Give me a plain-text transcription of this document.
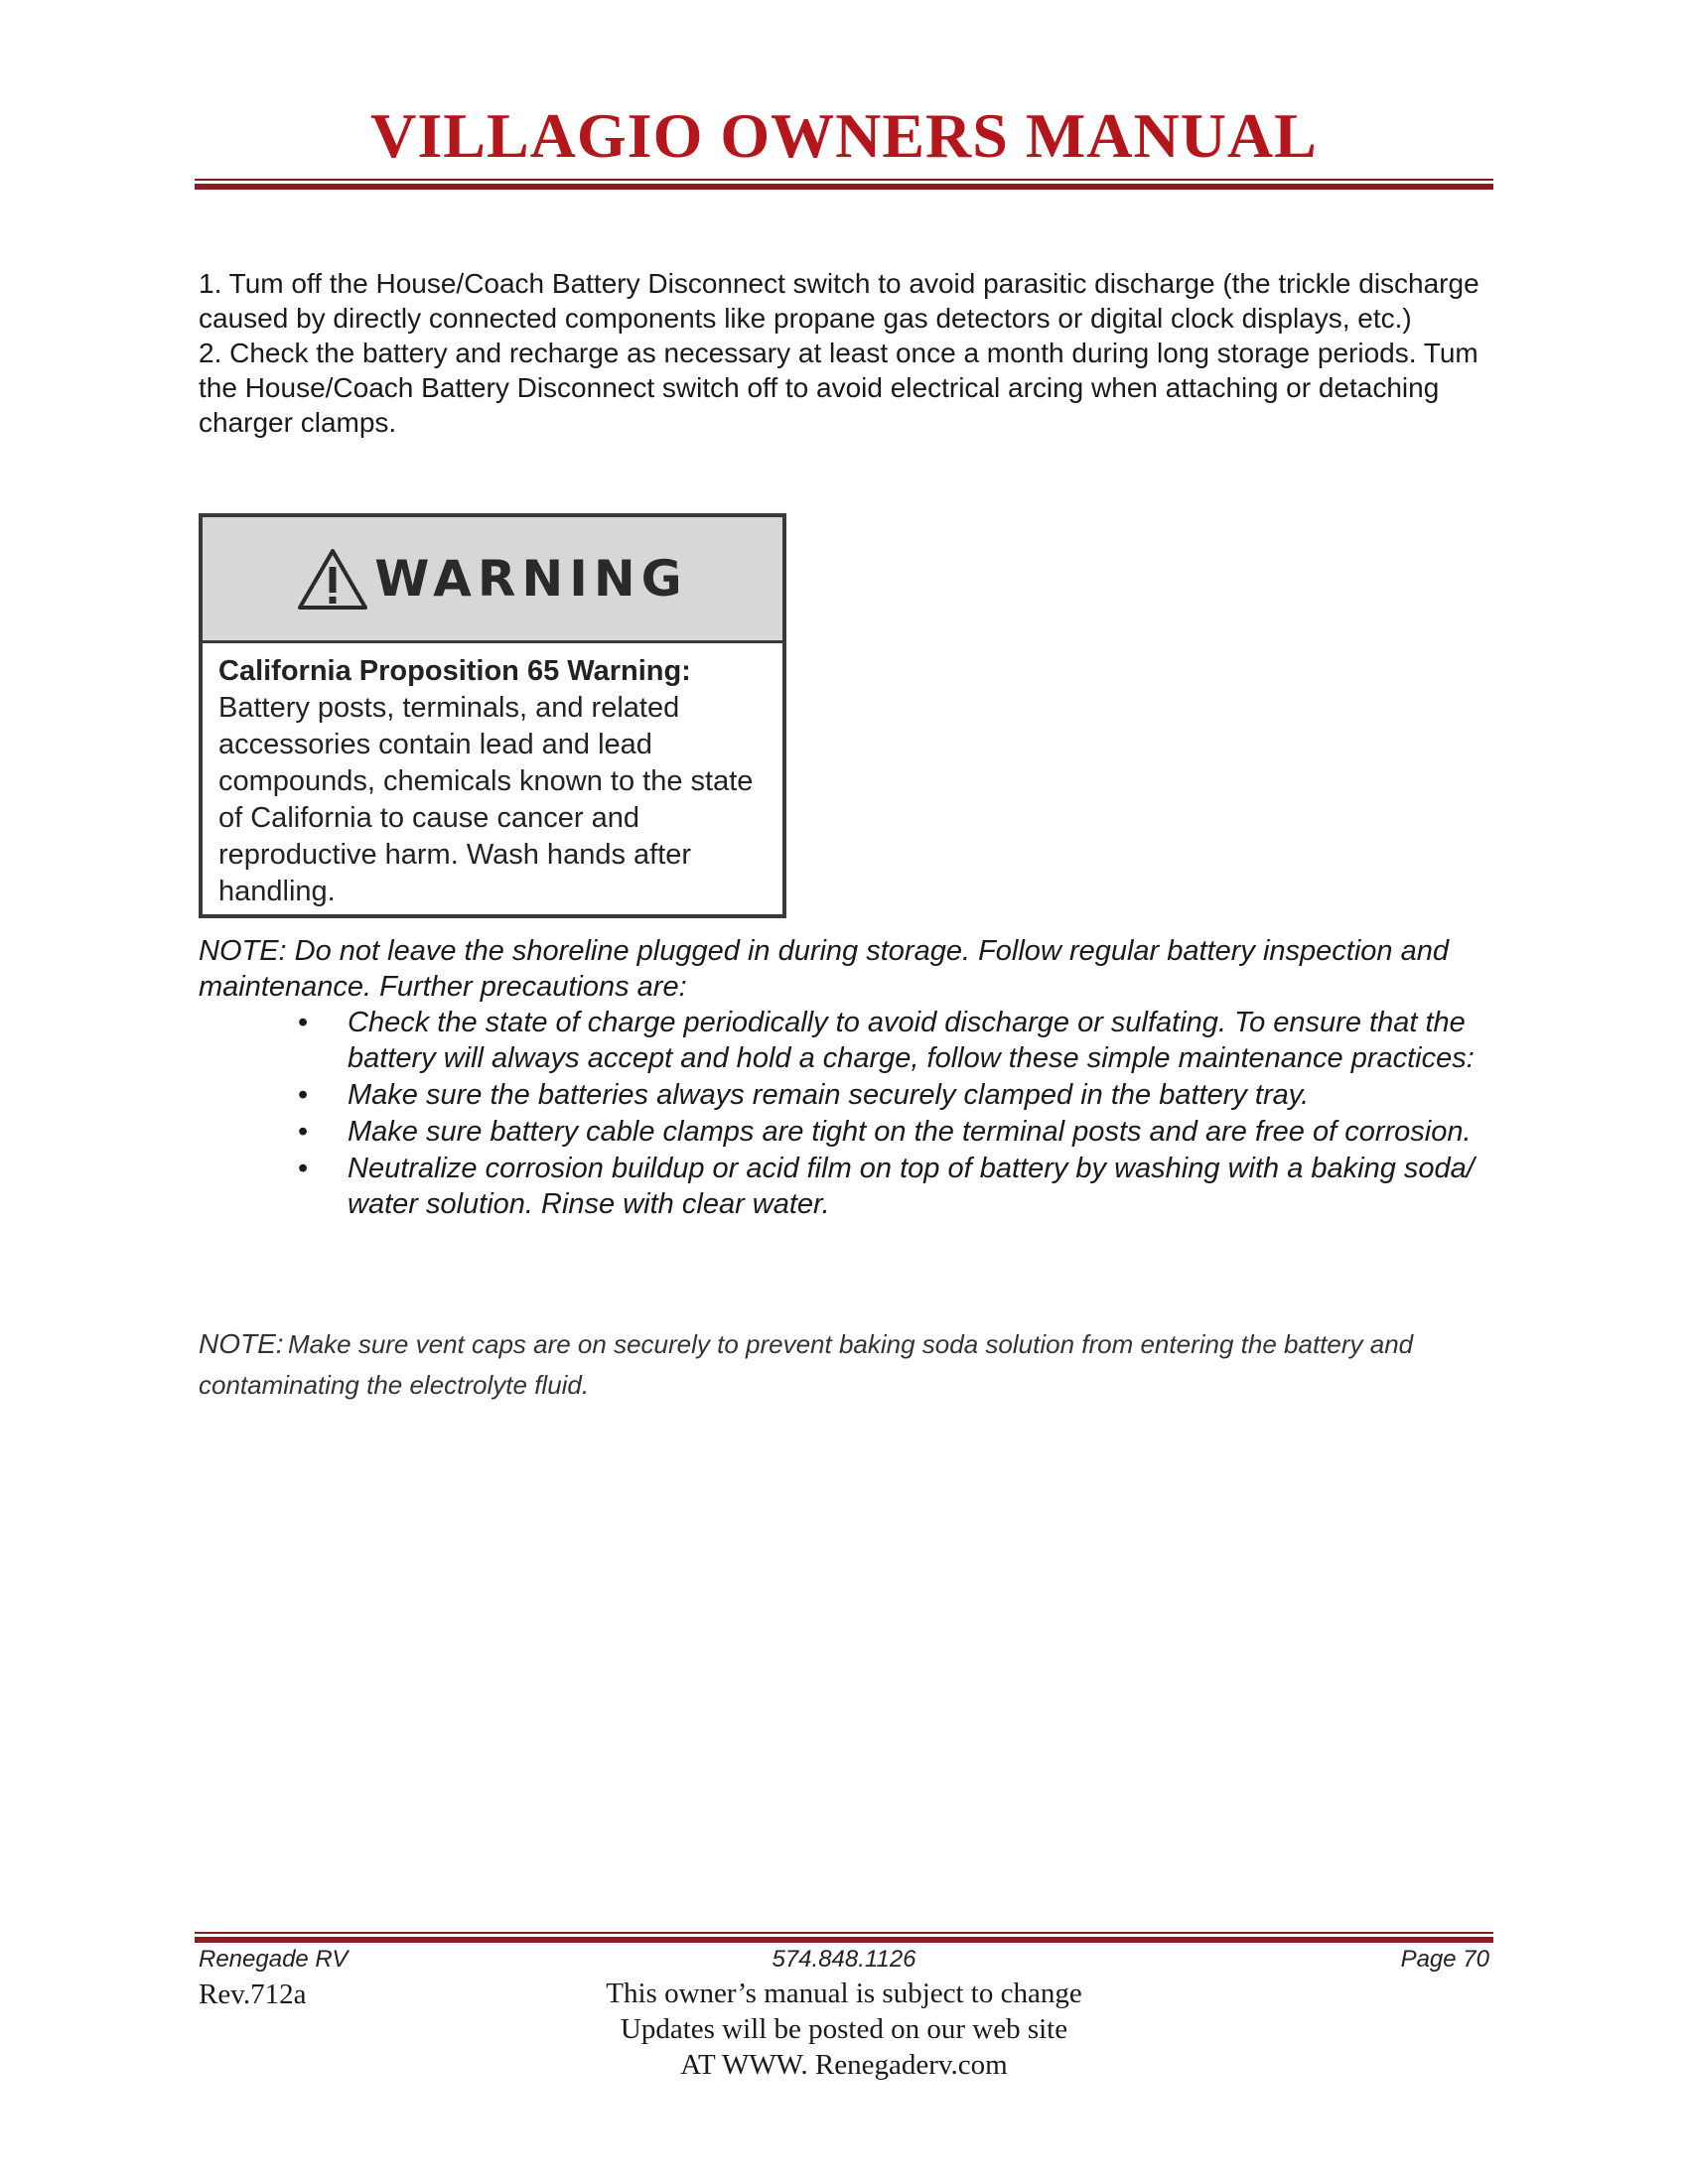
VILLAGIO OWNERS MANUAL

1. Tum off the House/Coach Battery Disconnect switch to avoid parasitic discharge (the trickle discharge caused by directly connected components like propane gas detectors or digital clock displays, etc.)

2. Check the battery and recharge as necessary at least once a month during long storage periods. Tum the House/Coach Battery Disconnect switch off to avoid electrical arcing when attaching or detaching charger clamps.

WARNING
California Proposition 65 Warning:
Battery posts, terminals, and related accessories contain lead and lead compounds, chemicals known to the state of California to cause cancer and reproductive harm. Wash hands after handling.
NOTE: Do not leave the shoreline plugged in during storage. Follow regular battery inspection and maintenance. Further precautions are:
• Check the state of charge periodically to avoid discharge or sulfating. To ensure that the battery will always accept and hold a charge, follow these simple maintenance practices:
• Make sure the batteries always remain securely clamped in the battery tray.
• Make sure battery cable clamps are tight on the terminal posts and are free of corrosion.
• Neutralize corrosion buildup or acid film on top of battery by washing with a baking soda/ water solution. Rinse with clear water.
NOTE: Make sure vent caps are on securely to prevent baking soda solution from entering the battery and contaminating the electrolyte fluid.
Renegade RV	574.848.1126	Page 70
Rev.712a	This owner’s manual is subject to change
Updates will be posted on our web site
AT WWW. Renegaderv.com
